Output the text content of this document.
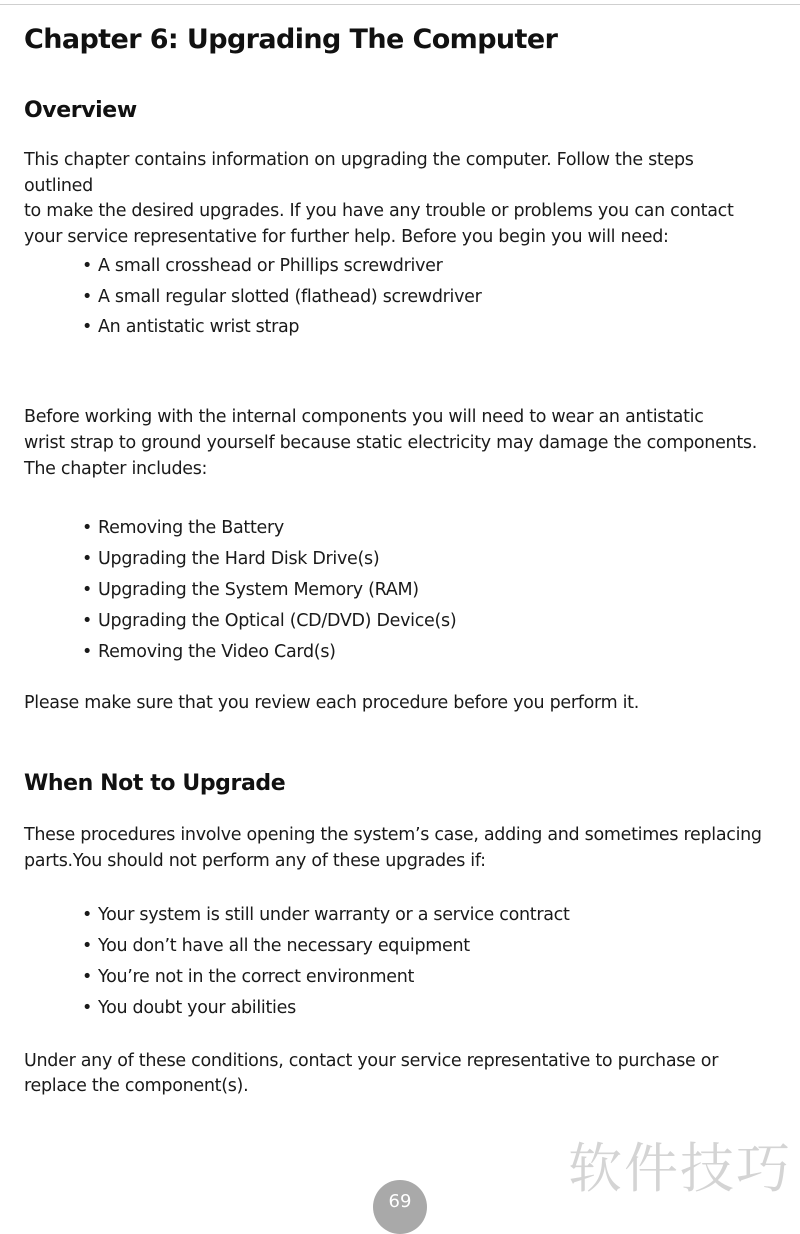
Chapter 6: Upgrading The Computer
Overview

This chapter contains information on upgrading the computer. Follow the steps

outlined

to make the desired upgrades. If you have any trouble or problems you can contact

your service representative for further help. Before you begin you will need:

• A small crosshead or Phillips screwdriver
• A small regular slotted (flathead) screwdriver
• An antistatic wrist strap

Before working with the internal components you will need to wear an antistatic

wrist strap to ground yourself because static electricity may damage the components.

The chapter includes:

• Removing the Battery
• Upgrading the Hard Disk Drive(s)
• Upgrading the System Memory (RAM)
• Upgrading the Optical (CD/DVD) Device(s)
• Removing the Video Card(s)

Please make sure that you review each procedure before you perform it.

When Not to Upgrade

These procedures involve opening the system’s case, adding and sometimes replacing

parts.You should not perform any of these upgrades if:

• Your system is still under warranty or a service contract
• You don’t have all the necessary equipment
• You’re not in the correct environment
• You doubt your abilities

Under any of these conditions, contact your service representative to purchase or

replace the component(s).

软件技巧
69
